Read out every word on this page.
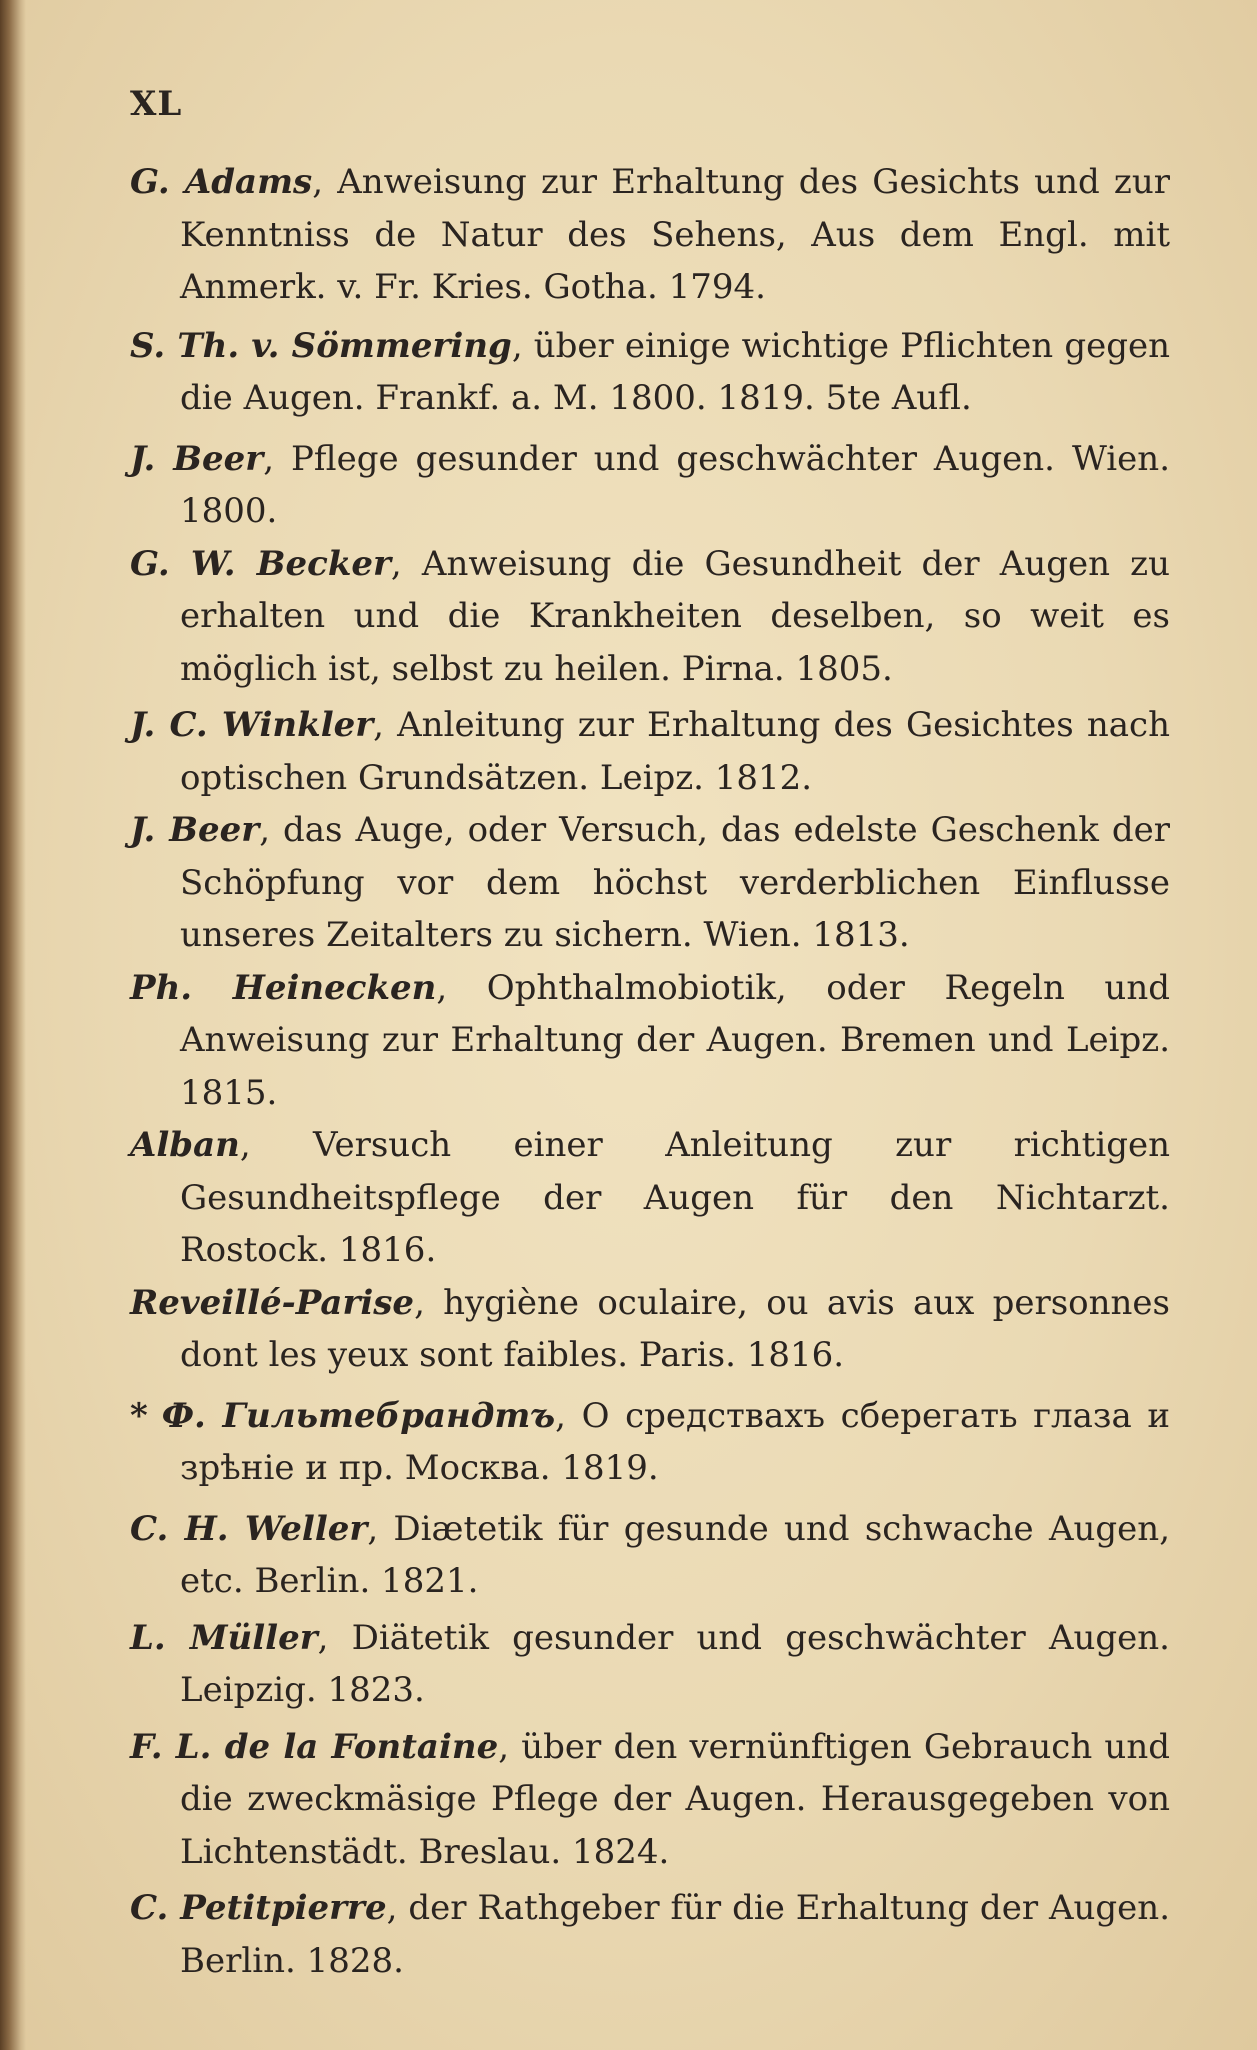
XL

G. Adams, Anweisung zur Erhaltung des Gesichts und zur Kenntniss de Natur des Sehens, Aus dem Engl. mit Anmerk. v. Fr. Kries. Gotha. 1794.

S. Th. v. Sömmering, über einige wichtige Pflichten gegen die Augen. Frankf. a. M. 1800. 1819. 5te Aufl.

J. Beer, Pflege gesunder und geschwächter Augen. Wien. 1800.

G. W. Becker, Anweisung die Gesundheit der Augen zu erhalten und die Krankheiten deselben, so weit es möglich ist, selbst zu heilen. Pirna. 1805.

J. C. Winkler, Anleitung zur Erhaltung des Gesichtes nach optischen Grundsätzen. Leipz. 1812.

J. Beer, das Auge, oder Versuch, das edelste Geschenk der Schöpfung vor dem höchst verderblichen Einflusse unseres Zeitalters zu sichern. Wien. 1813.

Ph. Heinecken, Ophthalmobiotik, oder Regeln und Anweisung zur Erhaltung der Augen. Bremen und Leipz. 1815.

Alban, Versuch einer Anleitung zur richtigen Gesundheitspflege der Augen für den Nichtarzt. Rostock. 1816.

Reveillé-Parise, hygiène oculaire, ou avis aux personnes dont les yeux sont faibles. Paris. 1816.

* Ф. Гильтебрандтъ, О средствахъ сберегать глаза и зрѣніе и пр. Москва. 1819.

C. H. Weller, Diætetik für gesunde und schwache Augen, etc. Berlin. 1821.

L. Müller, Diätetik gesunder und geschwächter Augen. Leipzig. 1823.

F. L. de la Fontaine, über den vernünftigen Gebrauch und die zweckmäsige Pflege der Augen. Herausgegeben von Lichtenstädt. Breslau. 1824.

C. Petitpierre, der Rathgeber für die Erhaltung der Augen. Berlin. 1828.
